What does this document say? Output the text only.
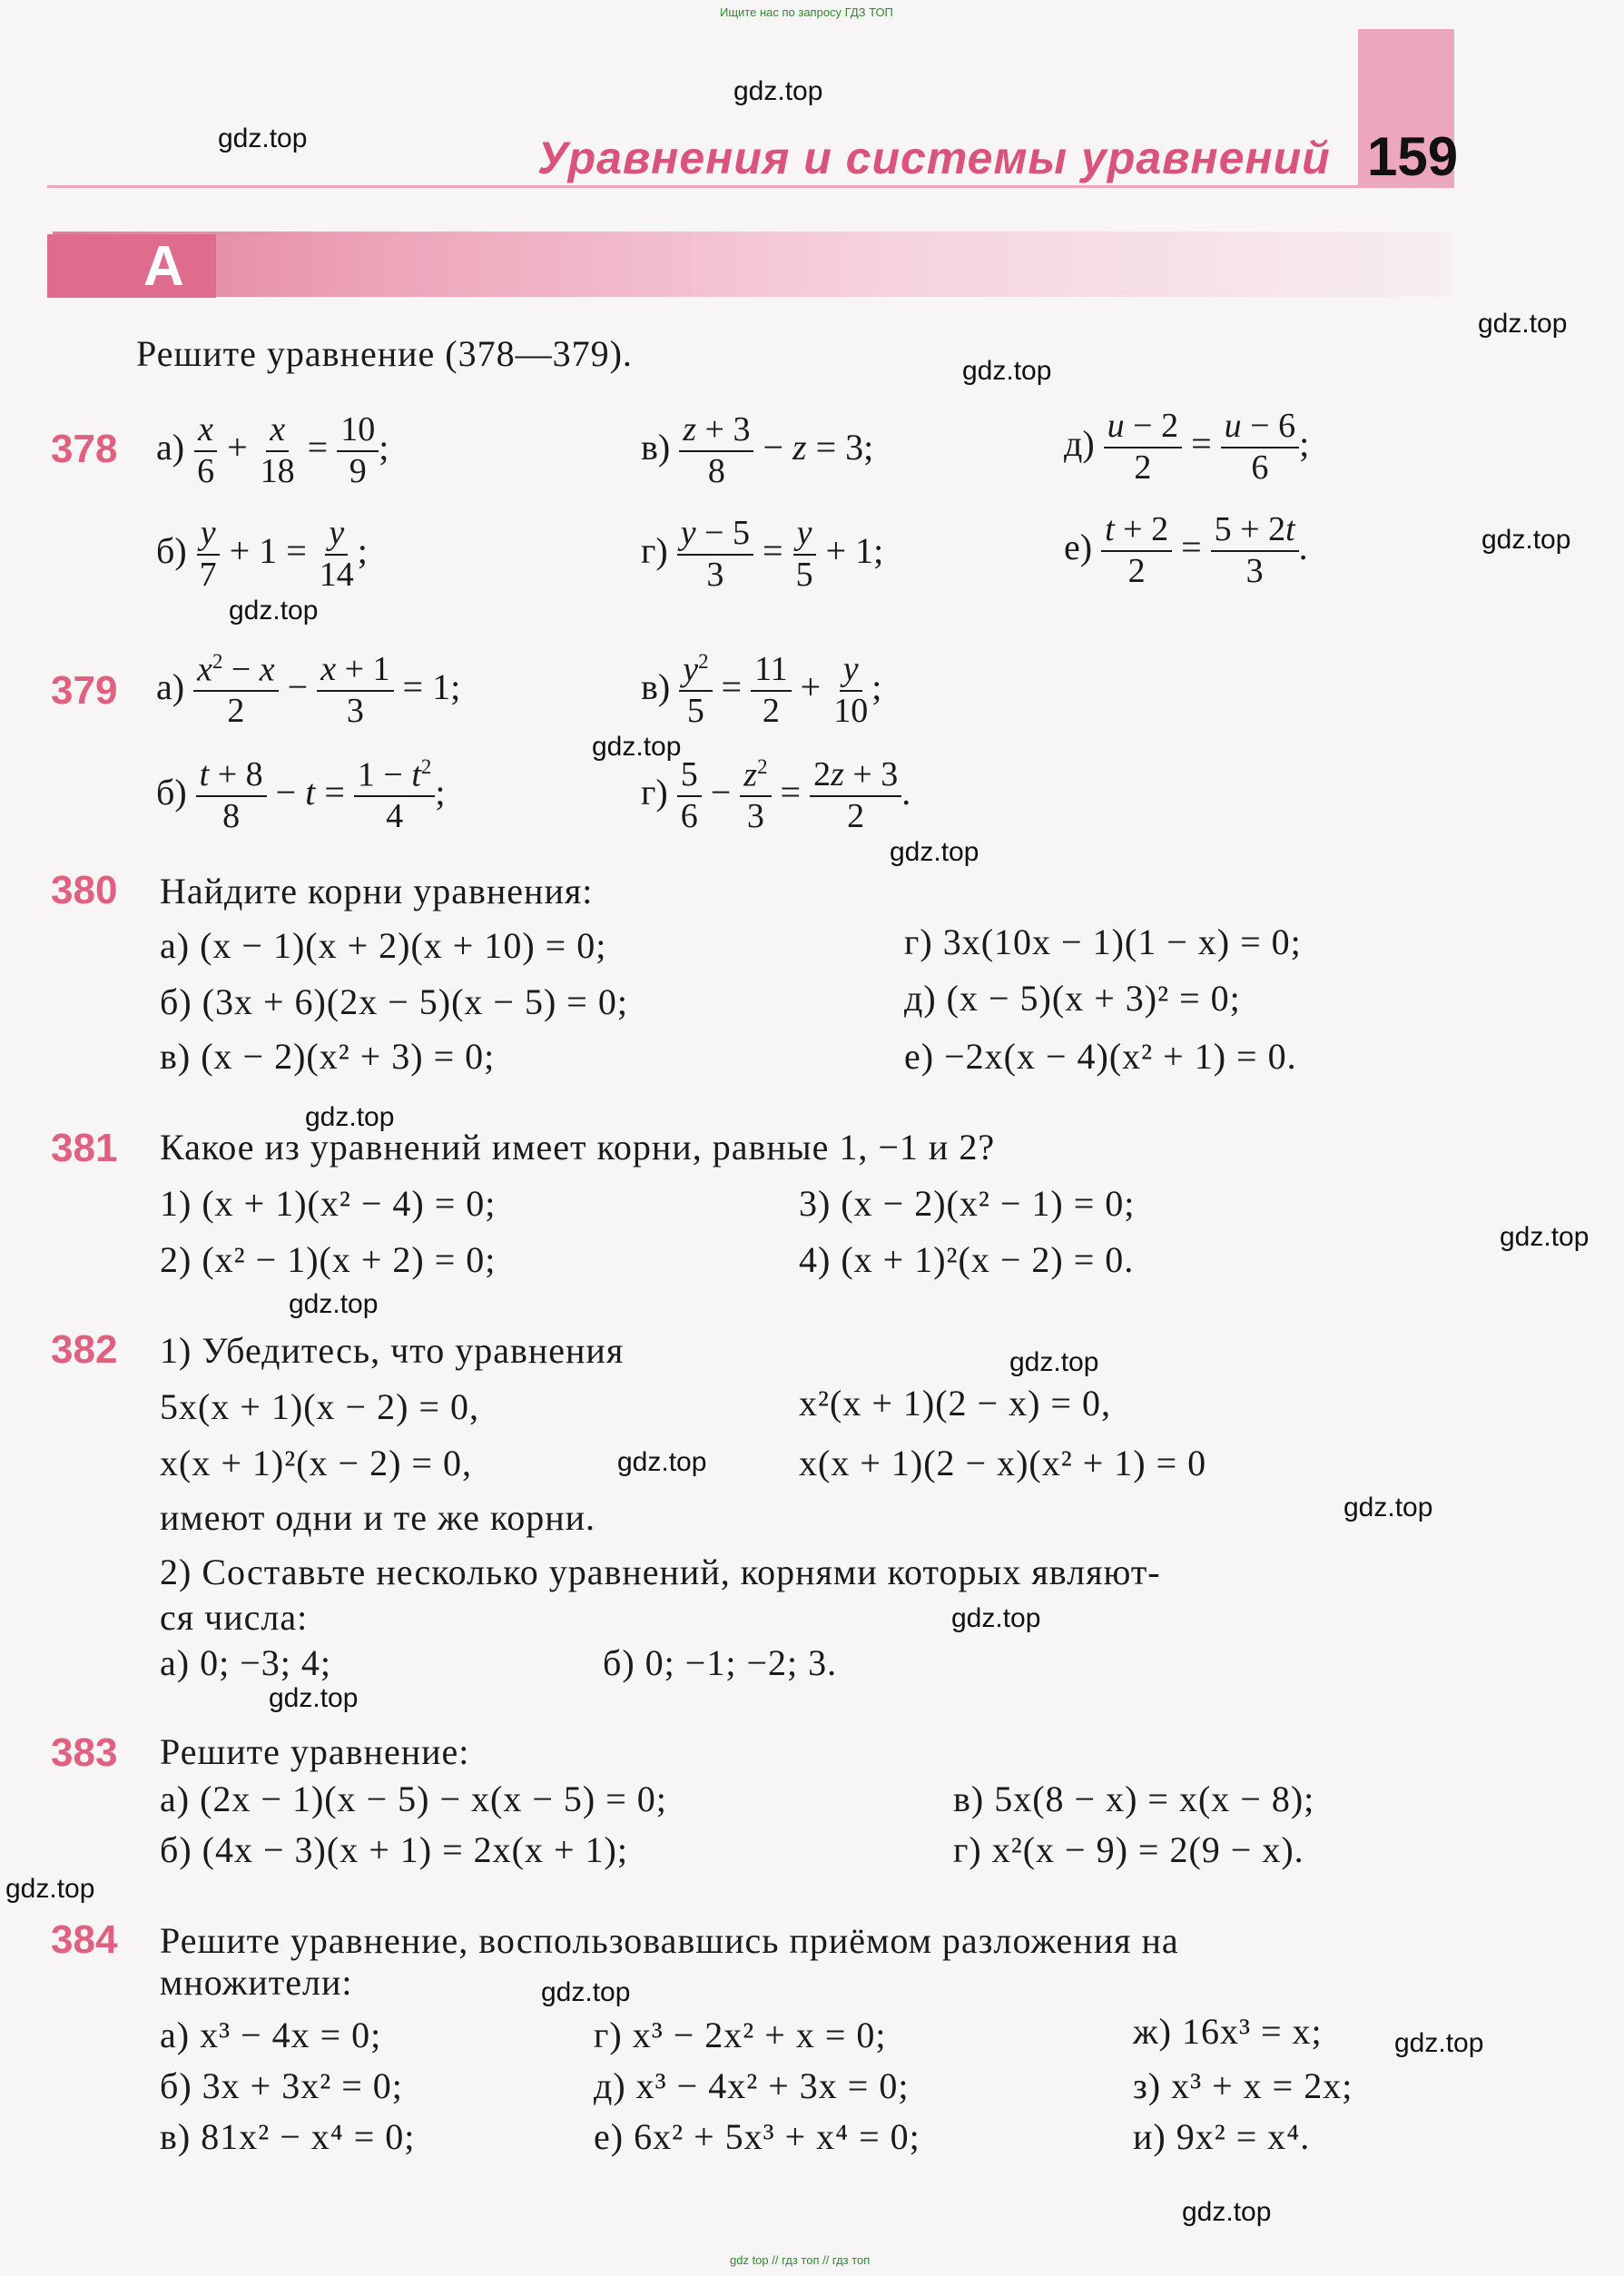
A
Ищите нас по запросу ГДЗ ТОП
Уравнения и системы уравнений 159
gdz.top
gdz.top
gdz.top
gdz.top
gdz.top
gdz.top
gdz.top
gdz.top
gdz.top
gdz.top
gdz.top
gdz.top
gdz.top
gdz.top
gdz.top
gdz.top
gdz.top
gdz.top
gdz.top
gdz.top
Решите уравнение (378—379).
378 $а) \frac{x}{6} + \frac{x}{18} = \frac{10}{9}$ ;	$в) \frac{z + 3}{8} - z = 3$;	$д) \frac{u - 2}{2} = \frac{u - 6}{6}$ ;
$б) \frac{y}{7} + 1 = \frac{y}{14}$ ;	$г) \frac{y - 5}{3} = \frac{y}{5} + 1$;	$е) \frac{t + 2}{2} = \frac{5 + 2t}{3}$ .
379 $а) \frac{x^2 - x}{2} - \frac{x + 1}{3} = 1$;	$в) \frac{y^2}{5} = \frac{11}{2} + \frac{y}{10}$ ;
$б) \frac{t + 8}{8} - t = \frac{1 - t^2}{4}$ ;	$г) \frac{5}{6} - \frac{z^2}{3} = \frac{2z + 3}{2}$ .
380 Найдите корни уравнения:
а) (x − 1)(x + 2)(x + 10) = 0;	г) 3x(10x − 1)(1 − x) = 0;
б) (3x + 6)(2x − 5)(x − 5) = 0;	д) (x − 5)(x + 3)² = 0;
в) (x − 2)(x² + 3) = 0;	е) −2x(x − 4)(x² + 1) = 0.
381 Какое из уравнений имеет корни, равные 1, −1 и 2?
1) (x + 1)(x² − 4) = 0;	3) (x − 2)(x² − 1) = 0;
2) (x² − 1)(x + 2) = 0;	4) (x + 1)²(x − 2) = 0.
382 1) Убедитесь, что уравнения
5x(x + 1)(x − 2) = 0,	x²(x + 1)(2 − x) = 0,
x(x + 1)²(x − 2) = 0,	x(x + 1)(2 − x)(x² + 1) = 0
имеют одни и те же корни.
2) Составьте несколько уравнений, корнями которых являют-
ся числа:
а) 0; −3; 4;	б) 0; −1; −2; 3.
383 Решите уравнение:
а) (2x − 1)(x − 5) − x(x − 5) = 0;	в) 5x(8 − x) = x(x − 8);
б) (4x − 3)(x + 1) = 2x(x + 1);	г) x²(x − 9) = 2(9 − x).
384 Решите уравнение, воспользовавшись приёмом разложения на
множители:
а) x³ − 4x = 0;	г) x³ − 2x² + x = 0;	ж) 16x³ = x;
б) 3x + 3x² = 0;	д) x³ − 4x² + 3x = 0;	з) x³ + x = 2x;
в) 81x² − x⁴ = 0;	е) 6x² + 5x³ + x⁴ = 0;	и) 9x² = x⁴.
gdz top // гдз топ // гдз топ
